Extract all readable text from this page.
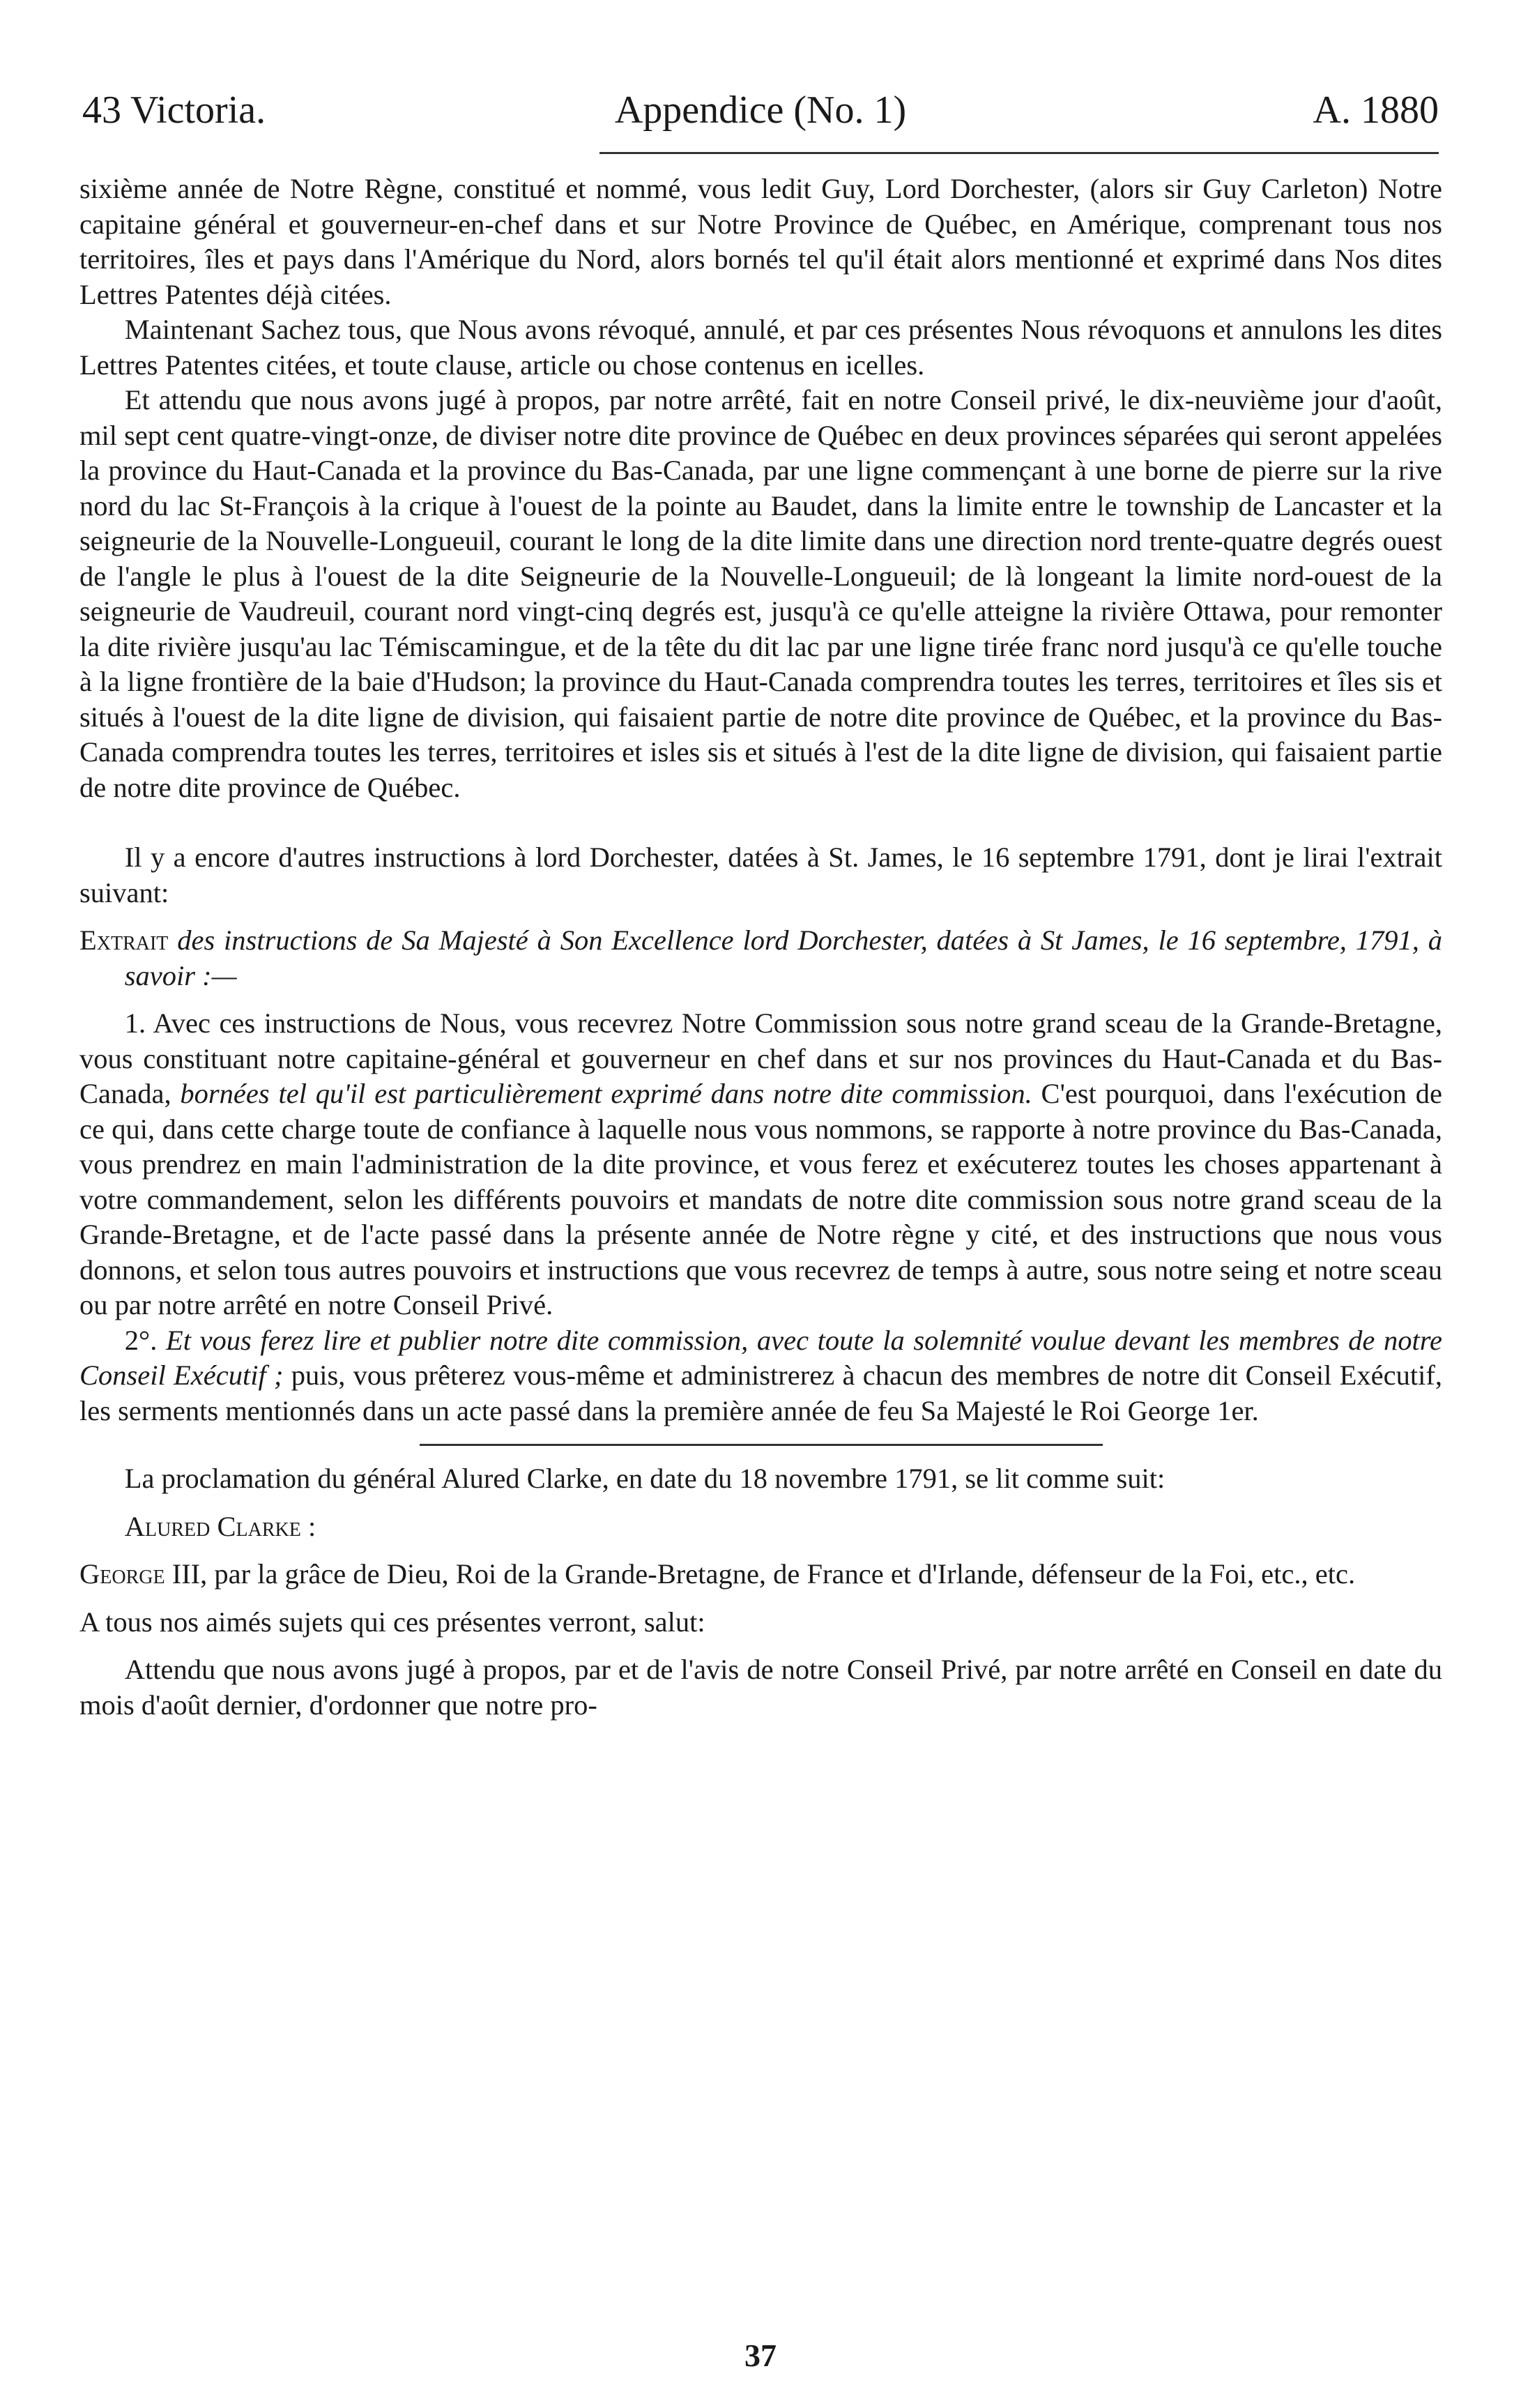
43 Victoria.	Appendice (No. 1)	A. 1880

sixième année de Notre Règne, constitué et nommé, vous ledit Guy, Lord Dorchester, (alors sir Guy Carleton) Notre capitaine général et gouverneur-en-chef dans et sur Notre Province de Québec, en Amérique, comprenant tous nos territoires, îles et pays dans l'Amérique du Nord, alors bornés tel qu'il était alors mentionné et exprimé dans Nos dites Lettres Patentes déjà citées.

Maintenant Sachez tous, que Nous avons révoqué, annulé, et par ces présentes Nous révoquons et annulons les dites Lettres Patentes citées, et toute clause, article ou chose contenus en icelles.

Et attendu que nous avons jugé à propos, par notre arrêté, fait en notre Conseil privé, le dix-neuvième jour d'août, mil sept cent quatre-vingt-onze, de diviser notre dite province de Québec en deux provinces séparées qui seront appelées la province du Haut-Canada et la province du Bas-Canada, par une ligne commençant à une borne de pierre sur la rive nord du lac St-François à la crique à l'ouest de la pointe au Baudet, dans la limite entre le township de Lancaster et la seigneurie de la Nouvelle-Longueuil, courant le long de la dite limite dans une direction nord trente-quatre degrés ouest de l'angle le plus à l'ouest de la dite Seigneurie de la Nouvelle-Longueuil; de là longeant la limite nord-ouest de la seigneurie de Vaudreuil, courant nord vingt-cinq degrés est, jusqu'à ce qu'elle atteigne la rivière Ottawa, pour remonter la dite rivière jusqu'au lac Témiscamingue, et de la tête du dit lac par une ligne tirée franc nord jusqu'à ce qu'elle touche à la ligne frontière de la baie d'Hudson; la province du Haut-Canada comprendra toutes les terres, territoires et îles sis et situés à l'ouest de la dite ligne de division, qui faisaient partie de notre dite province de Québec, et la province du Bas-Canada comprendra toutes les terres, territoires et isles sis et situés à l'est de la dite ligne de division, qui faisaient partie de notre dite province de Québec.

Il y a encore d'autres instructions à lord Dorchester, datées à St. James, le 16 septembre 1791, dont je lirai l'extrait suivant:

Extrait des instructions de Sa Majesté à Son Excellence lord Dorchester, datées à St James, le 16 septembre, 1791, à savoir :—

1. Avec ces instructions de Nous, vous recevrez Notre Commission sous notre grand sceau de la Grande-Bretagne, vous constituant notre capitaine-général et gouverneur en chef dans et sur nos provinces du Haut-Canada et du Bas-Canada, bornées tel qu'il est particulièrement exprimé dans notre dite commission. C'est pourquoi, dans l'exécution de ce qui, dans cette charge toute de confiance à laquelle nous vous nommons, se rapporte à notre province du Bas-Canada, vous prendrez en main l'administration de la dite province, et vous ferez et exécuterez toutes les choses appartenant à votre commandement, selon les différents pouvoirs et mandats de notre dite commission sous notre grand sceau de la Grande-Bretagne, et de l'acte passé dans la présente année de Notre règne y cité, et des instructions que nous vous donnons, et selon tous autres pouvoirs et instructions que vous recevrez de temps à autre, sous notre seing et notre sceau ou par notre arrêté en notre Conseil Privé.

2°. Et vous ferez lire et publier notre dite commission, avec toute la solemnité voulue devant les membres de notre Conseil Exécutif ; puis, vous prêterez vous-même et administrerez à chacun des membres de notre dit Conseil Exécutif, les serments mentionnés dans un acte passé dans la première année de feu Sa Majesté le Roi George 1er.

La proclamation du général Alured Clarke, en date du 18 novembre 1791, se lit comme suit:

Alured Clarke :

George III, par la grâce de Dieu, Roi de la Grande-Bretagne, de France et d'Irlande, défenseur de la Foi, etc., etc.

A tous nos aimés sujets qui ces présentes verront, salut:

Attendu que nous avons jugé à propos, par et de l'avis de notre Conseil Privé, par notre arrêté en Conseil en date du mois d'août dernier, d'ordonner que notre pro-

37
